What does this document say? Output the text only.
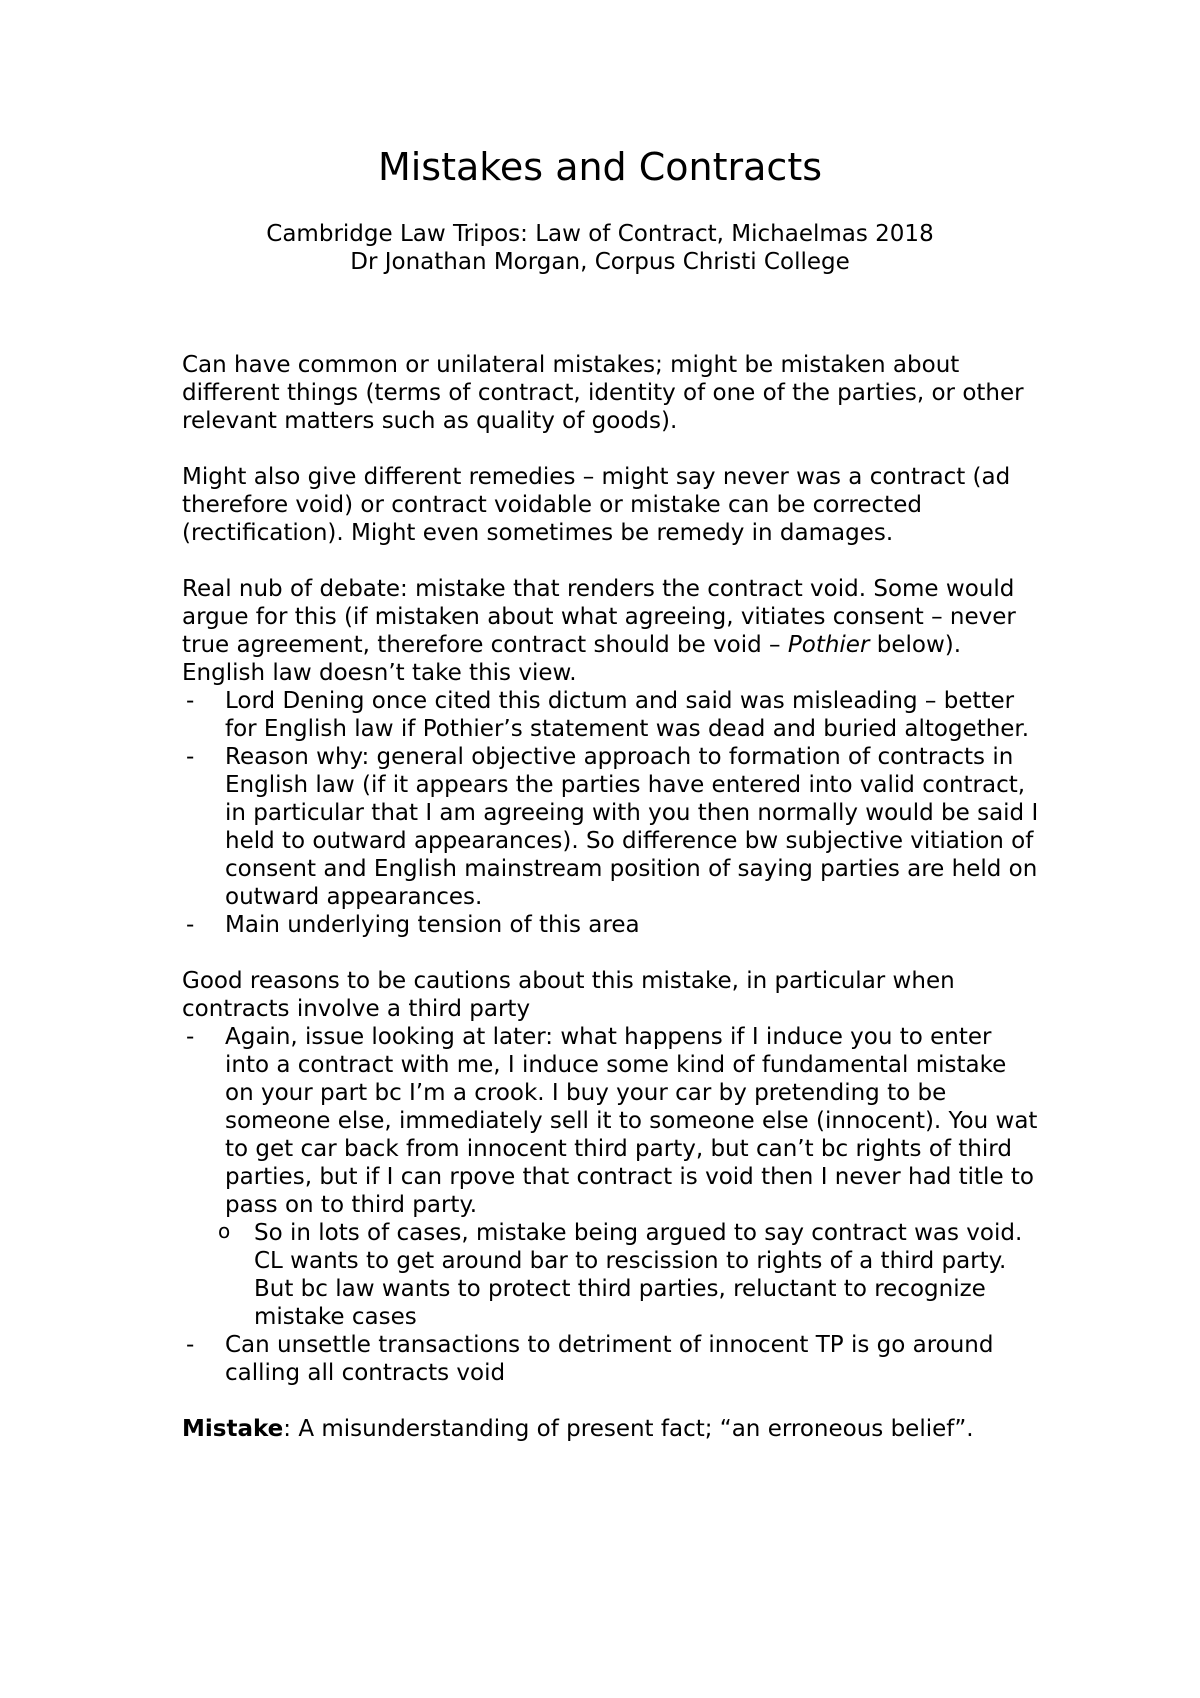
Mistakes and Contracts

Cambridge Law Tripos: Law of Contract, Michaelmas 2018

Dr Jonathan Morgan, Corpus Christi College

Can have common or unilateral mistakes; might be mistaken about different things (terms of contract, identity of one of the parties, or other relevant matters such as quality of goods).

Might also give different remedies – might say never was a contract (ad therefore void) or contract voidable or mistake can be corrected (rectification). Might even sometimes be remedy in damages.

Real nub of debate: mistake that renders the contract void. Some would argue for this (if mistaken about what agreeing, vitiates consent – never true agreement, therefore contract should be void – Pothier below). English law doesn’t take this view.

- Lord Dening once cited this dictum and said was misleading – better for English law if Pothier’s statement was dead and buried altogether.
- Reason why: general objective approach to formation of contracts in English law (if it appears the parties have entered into valid contract, in particular that I am agreeing with you then normally would be said I held to outward appearances). So difference bw subjective vitiation of consent and English mainstream position of saying parties are held on outward appearances.
- Main underlying tension of this area

Good reasons to be cautions about this mistake, in particular when contracts involve a third party

- Again, issue looking at later: what happens if I induce you to enter into a contract with me, I induce some kind of fundamental mistake on your part bc I’m a crook. I buy your car by pretending to be someone else, immediately sell it to someone else (innocent). You wat to get car back from innocent third party, but can’t bc rights of third parties, but if I can rpove that contract is void then I never had title to pass on to third party.
o So in lots of cases, mistake being argued to say contract was void. CL wants to get around bar to rescission to rights of a third party. But bc law wants to protect third parties, reluctant to recognize mistake cases
- Can unsettle transactions to detriment of innocent TP is go around calling all contracts void

Mistake: A misunderstanding of present fact; “an erroneous belief”.
